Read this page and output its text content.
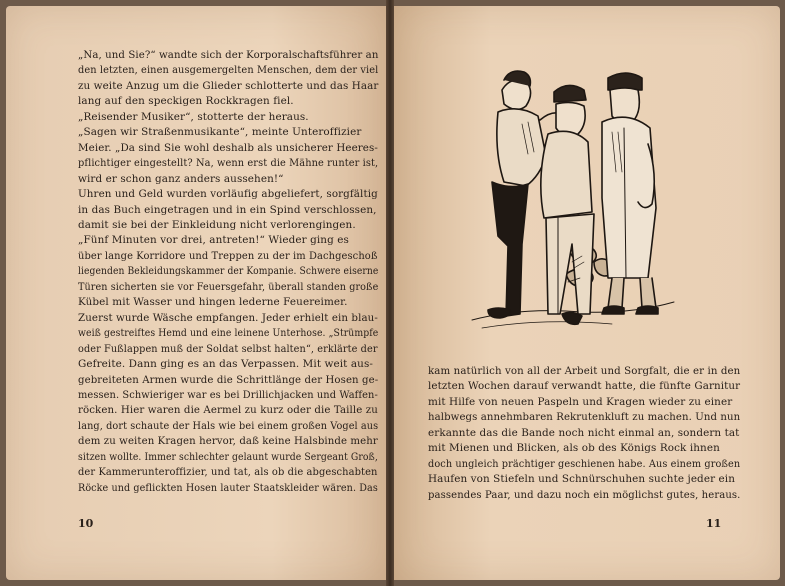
„Na, und Sie?“ wandte sich der Korporalschaftsführer an

den letzten, einen ausgemergelten Menschen, dem der viel

zu weite Anzug um die Glieder schlotterte und das Haar

lang auf den speckigen Rockkragen fiel.

„Reisender Musiker“, stotterte der heraus.

„Sagen wir Straßenmusikante“, meinte Unteroffizier

Meier. „Da sind Sie wohl deshalb als unsicherer Heeres-

pflichtiger eingestellt? Na, wenn erst die Mähne runter ist,

wird er schon ganz anders aussehen!“

Uhren und Geld wurden vorläufig abgeliefert, sorgfältig

in das Buch eingetragen und in ein Spind verschlossen,

damit sie bei der Einkleidung nicht verlorengingen.

„Fünf Minuten vor drei, antreten!“ Wieder ging es

über lange Korridore und Treppen zu der im Dachgeschoß

liegenden Bekleidungskammer der Kompanie. Schwere eiserne

Türen sicherten sie vor Feuersgefahr, überall standen große

Kübel mit Wasser und hingen lederne Feuereimer.

Zuerst wurde Wäsche empfangen. Jeder erhielt ein blau-

weiß gestreiftes Hemd und eine leinene Unterhose. „Strümpfe

oder Fußlappen muß der Soldat selbst halten“, erklärte der

Gefreite. Dann ging es an das Verpassen. Mit weit aus-

gebreiteten Armen wurde die Schrittlänge der Hosen ge-

messen. Schwieriger war es bei Drillichjacken und Waffen-

röcken. Hier waren die Aermel zu kurz oder die Taille zu

lang, dort schaute der Hals wie bei einem großen Vogel aus

dem zu weiten Kragen hervor, daß keine Halsbinde mehr

sitzen wollte. Immer schlechter gelaunt wurde Sergeant Groß,

der Kammerunteroffizier, und tat, als ob die abgeschabten

Röcke und geflickten Hosen lauter Staatskleider wären. Das

10

kam natürlich von all der Arbeit und Sorgfalt, die er in den

letzten Wochen darauf verwandt hatte, die fünfte Garnitur

mit Hilfe von neuen Paspeln und Kragen wieder zu einer

halbwegs annehmbaren Rekrutenkluft zu machen. Und nun

erkannte das die Bande noch nicht einmal an, sondern tat

mit Mienen und Blicken, als ob des Königs Rock ihnen

doch ungleich prächtiger geschienen habe. Aus einem großen

Haufen von Stiefeln und Schnürschuhen suchte jeder ein

passendes Paar, und dazu noch ein möglichst gutes, heraus.

11
